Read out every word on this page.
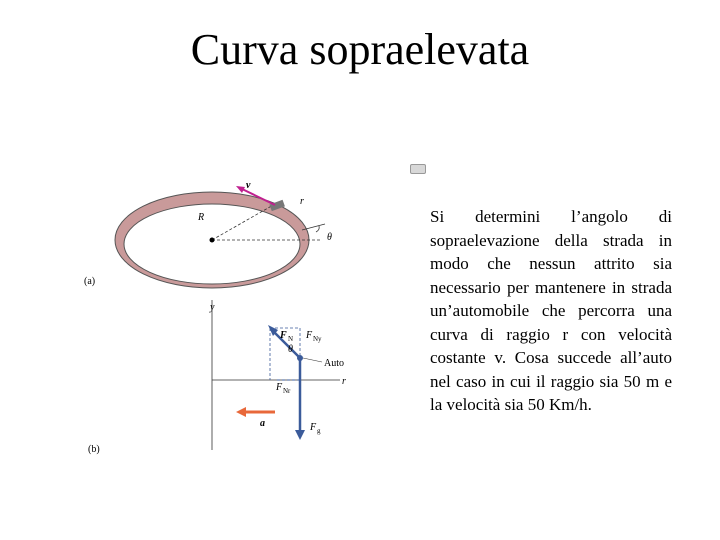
Curva sopraelevata
v
r
R
θ
(a)
y
r
F N F Ny
θ
Auto
F Nr
a	F g
(b)
Si determini l’angolo di sopraelevazione della strada in modo che nessun attrito sia necessario per mantenere in strada un’automobile che percorra una curva di raggio r con velocità costante v. Cosa succede all’auto nel caso in cui il raggio sia 50 m e la velocità sia 50 Km/h.
